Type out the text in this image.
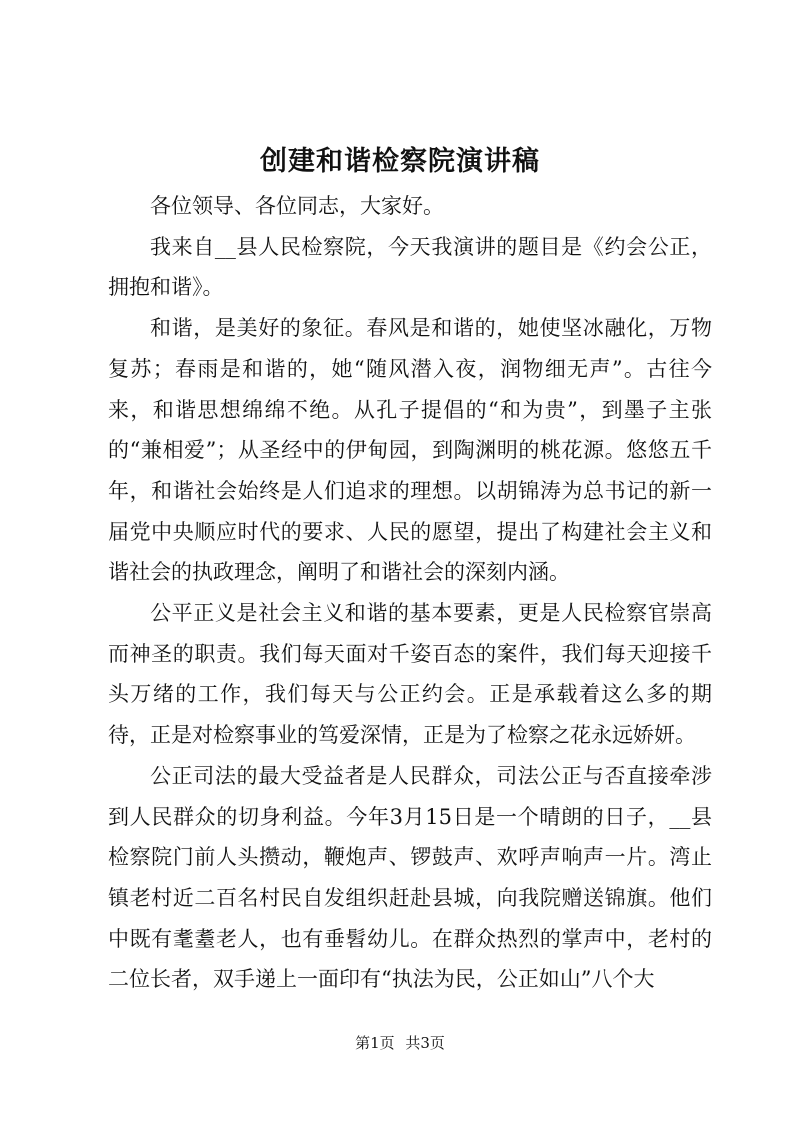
创建和谐检察院演讲稿

各位领导、各位同志，大家好。

我来自__县人民检察院，今天我演讲的题目是《约会公正，拥抱和谐》。

和谐，是美好的象征。春风是和谐的，她使坚冰融化，万物复苏；春雨是和谐的，她“随风潜入夜，润物细无声”。古往今来，和谐思想绵绵不绝。从孔子提倡的“和为贵”，到墨子主张的“兼相爱”；从圣经中的伊甸园，到陶渊明的桃花源。悠悠五千年，和谐社会始终是人们追求的理想。以胡锦涛为总书记的新一届党中央顺应时代的要求、人民的愿望，提出了构建社会主义和谐社会的执政理念，阐明了和谐社会的深刻内涵。

公平正义是社会主义和谐的基本要素，更是人民检察官崇高而神圣的职责。我们每天面对千姿百态的案件，我们每天迎接千头万绪的工作，我们每天与公正约会。正是承载着这么多的期待，正是对检察事业的笃爱深情，正是为了检察之花永远娇妍。

公正司法的最大受益者是人民群众，司法公正与否直接牵涉到人民群众的切身利益。今年3月15日是一个晴朗的日子，__县检察院门前人头攒动，鞭炮声、锣鼓声、欢呼声响声一片。湾止镇老村近二百名村民自发组织赶赴县城，向我院赠送锦旗。他们中既有耄耋老人，也有垂髫幼儿。在群众热烈的掌声中，老村的二位长者，双手递上一面印有“执法为民，公正如山”八个大

第1页 共3页
